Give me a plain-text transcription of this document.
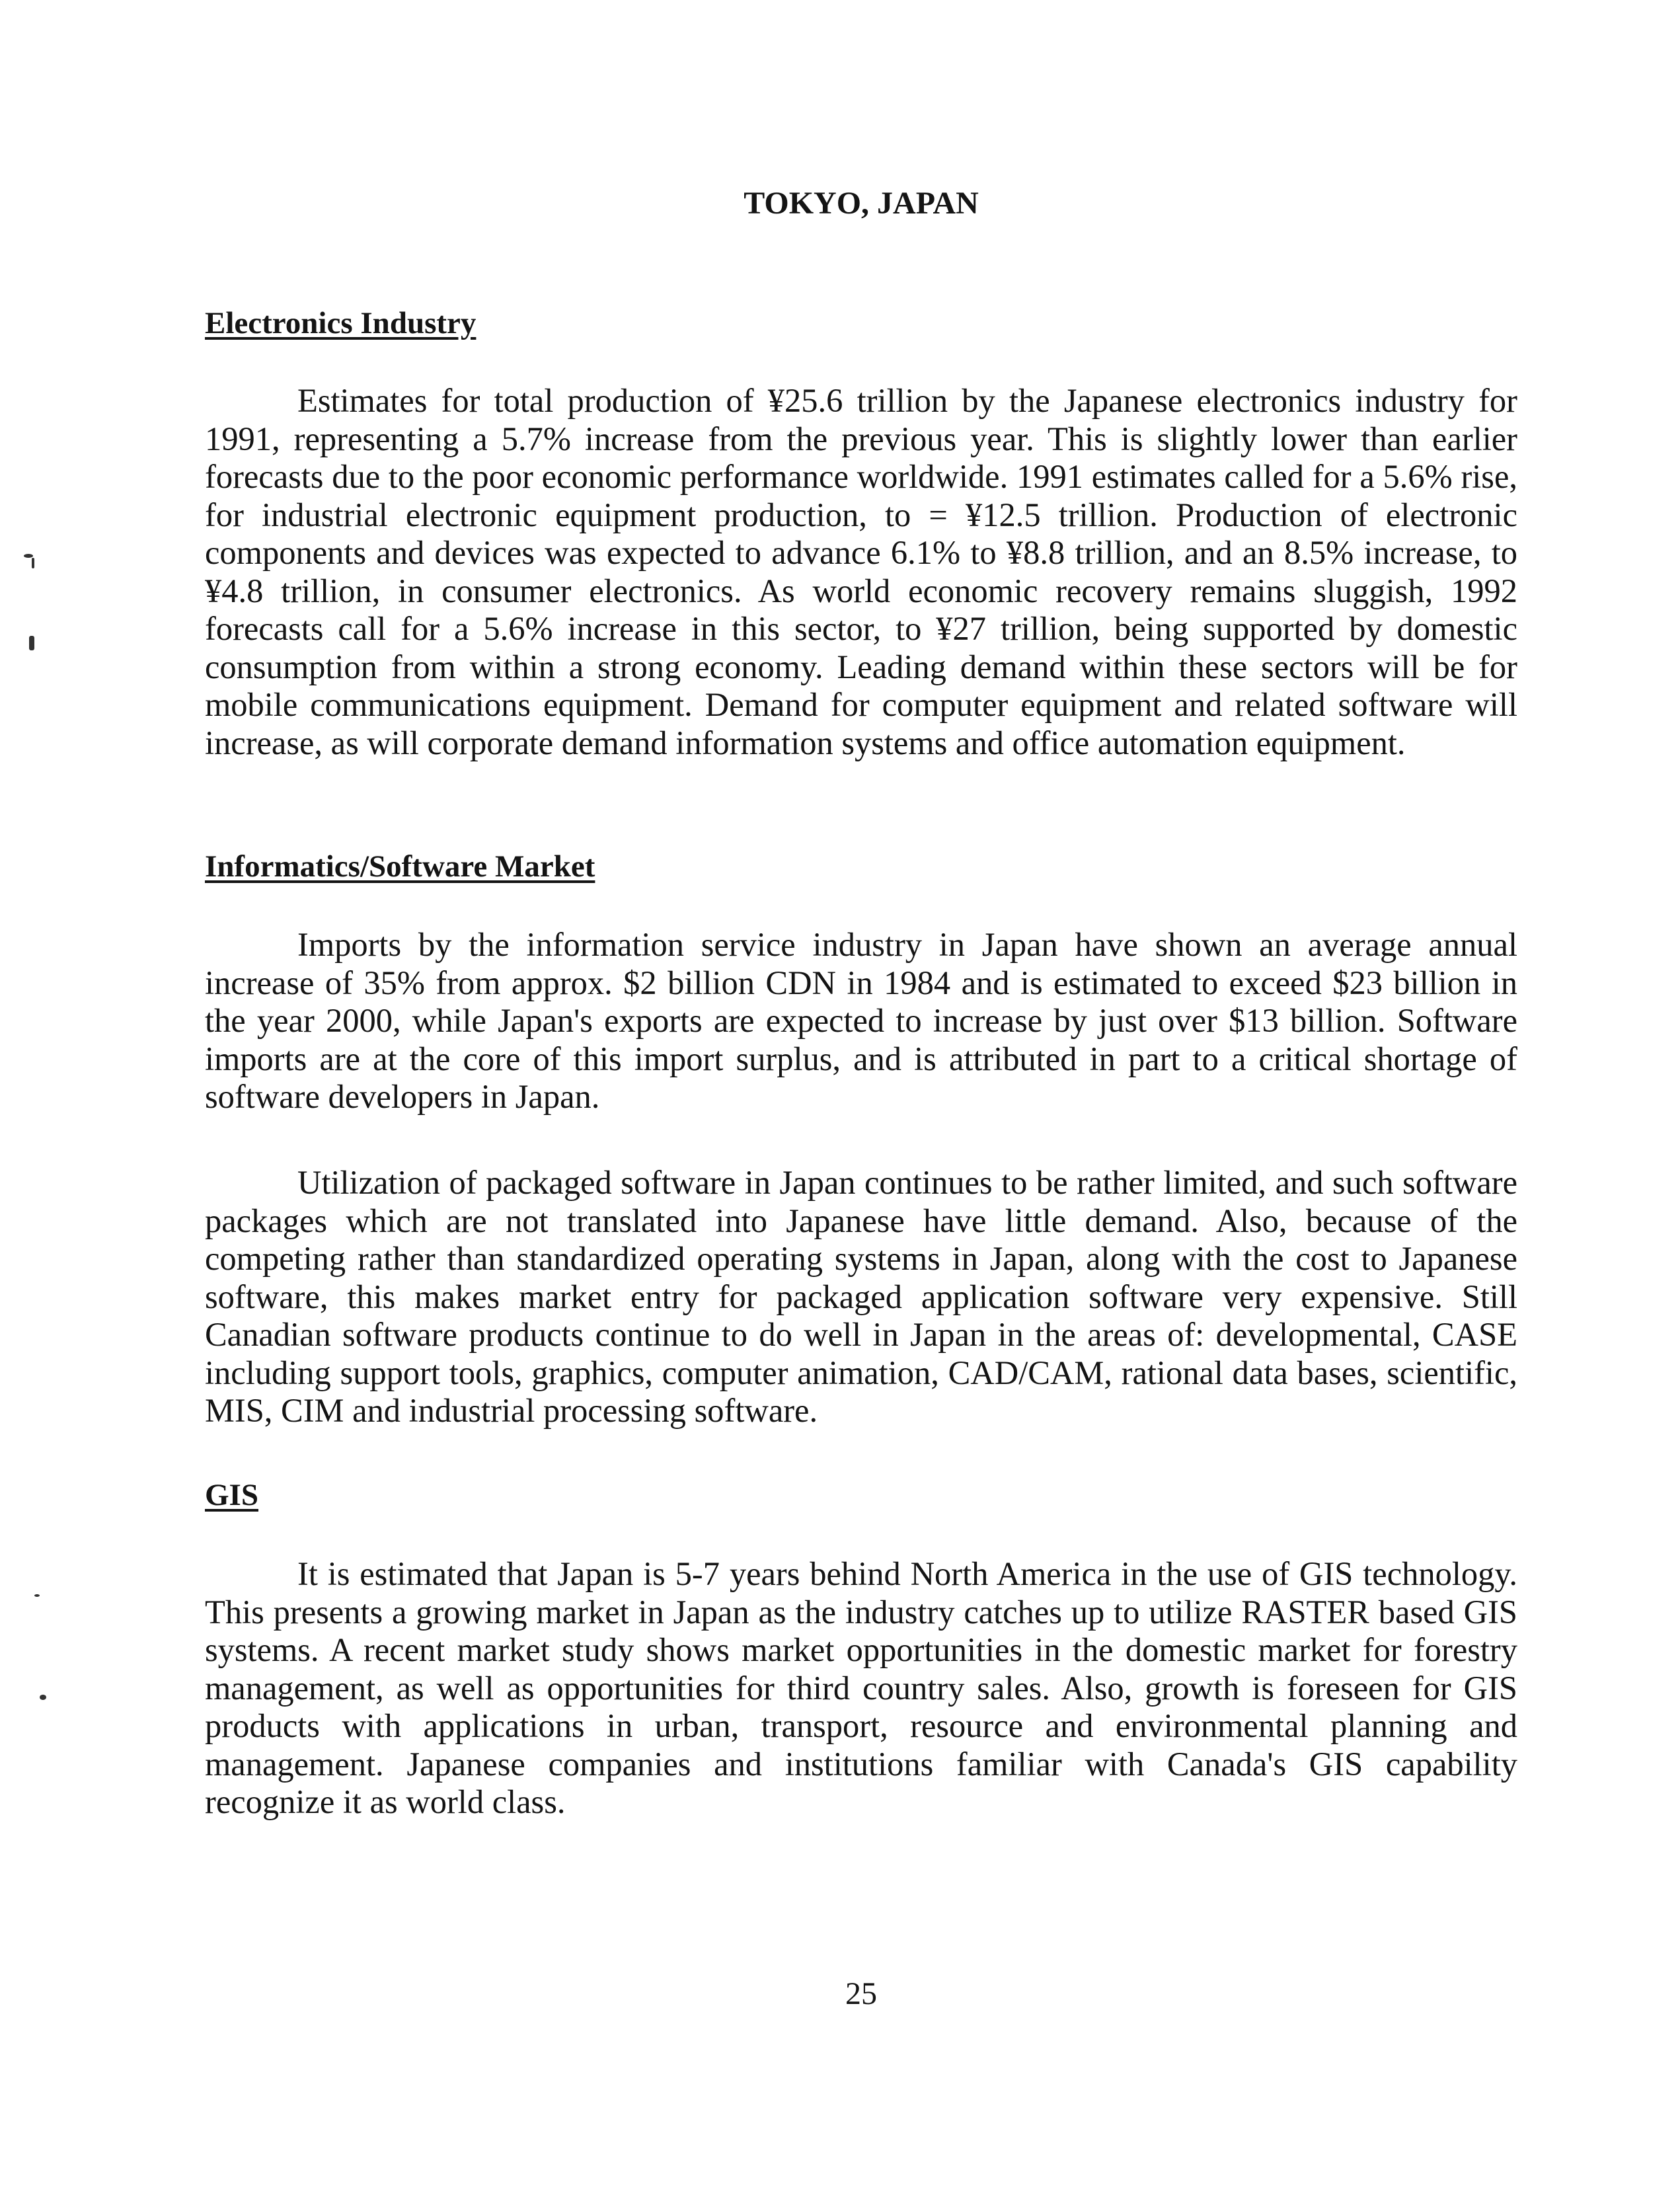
TOKYO, JAPAN
Electronics Industry

Estimates for total production of ¥25.6 trillion by the Japanese electronics industry for 1991, representing a 5.7% increase from the previous year. This is slightly lower than earlier forecasts due to the poor economic performance worldwide. 1991 estimates called for a 5.6% rise, for industrial electronic equipment production, to = ¥12.5 trillion. Production of electronic components and devices was expected to advance 6.1% to ¥8.8 trillion, and an 8.5% increase, to ¥4.8 trillion, in consumer electronics. As world economic recovery remains sluggish, 1992 forecasts call for a 5.6% increase in this sector, to ¥27 trillion, being supported by domestic consumption from within a strong economy. Leading demand within these sectors will be for mobile communications equipment. Demand for computer equipment and related software will increase, as will corporate demand information systems and office automation equipment.

Informatics/Software Market

Imports by the information service industry in Japan have shown an average annual increase of 35% from approx. $2 billion CDN in 1984 and is estimated to exceed $23 billion in the year 2000, while Japan's exports are expected to increase by just over $13 billion. Software imports are at the core of this import surplus, and is attributed in part to a critical shortage of software developers in Japan.

Utilization of packaged software in Japan continues to be rather limited, and such software packages which are not translated into Japanese have little demand. Also, because of the competing rather than standardized operating systems in Japan, along with the cost to Japanese software, this makes market entry for packaged application software very expensive. Still Canadian software products continue to do well in Japan in the areas of: developmental, CASE including support tools, graphics, computer animation, CAD/CAM, rational data bases, scientific, MIS, CIM and industrial processing software.

GIS

It is estimated that Japan is 5-7 years behind North America in the use of GIS technology. This presents a growing market in Japan as the industry catches up to utilize RASTER based GIS systems. A recent market study shows market opportunities in the domestic market for forestry management, as well as opportunities for third country sales. Also, growth is foreseen for GIS products with applications in urban, transport, resource and environmental planning and management. Japanese companies and institutions familiar with Canada's GIS capability recognize it as world class.

25
